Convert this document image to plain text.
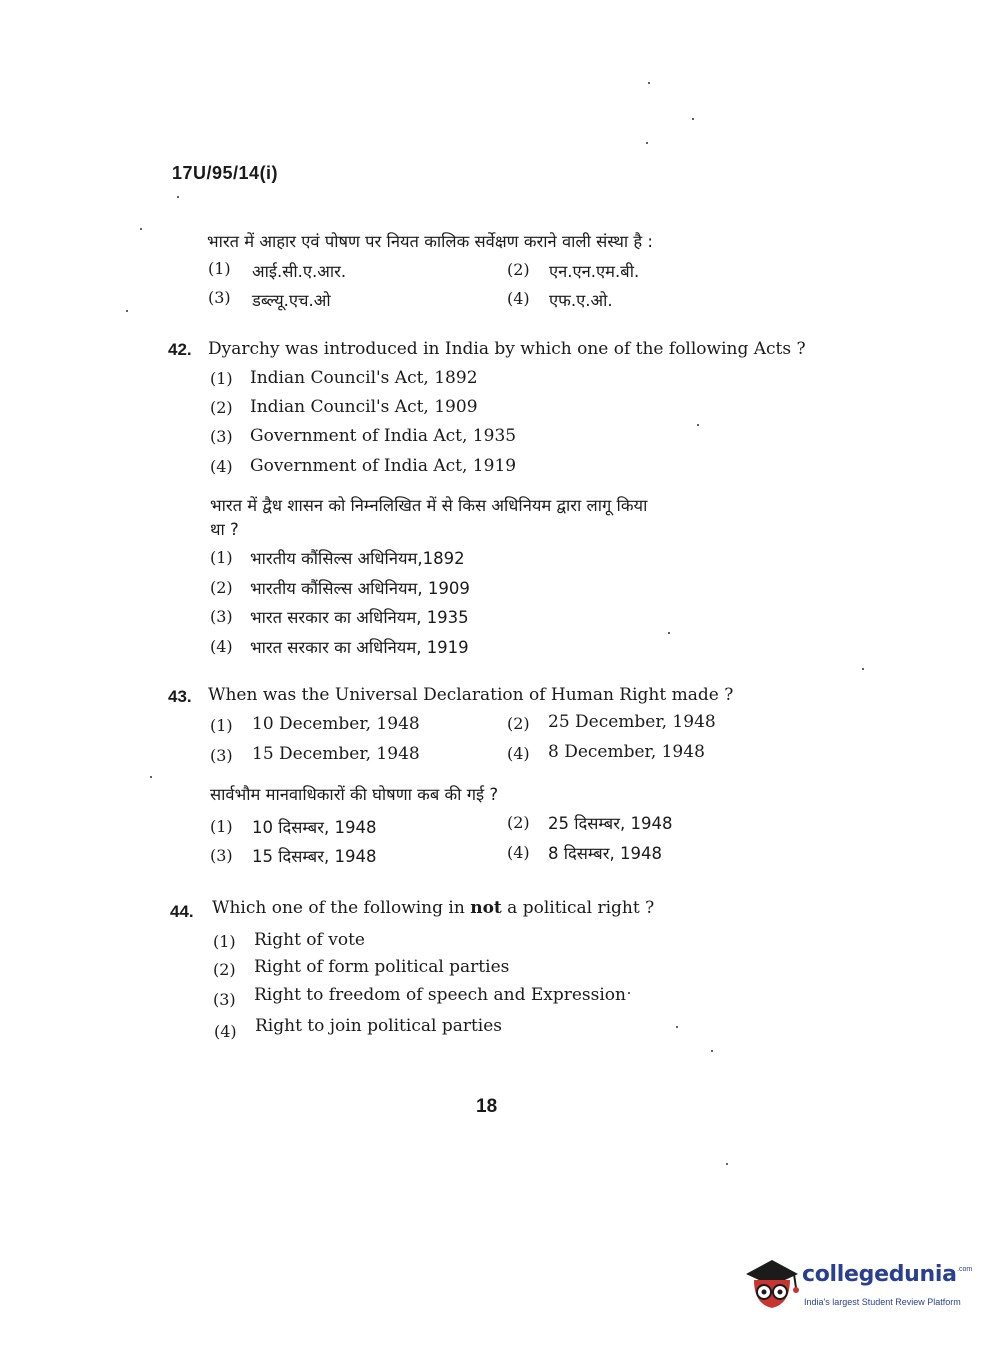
17U/95/14(i)
भारत में आहार एवं पोषण पर नियत कालिक सर्वेक्षण कराने वाली संस्था है :
(1) आई.सी.ए.आर.	(2) एन.एन.एम.बी.
(3) डब्ल्यू.एच.ओ	(4) एफ.ए.ओ.
42. Dyarchy was introduced in India by which one of the following Acts ?
(1) Indian Council's Act, 1892
(2) Indian Council's Act, 1909
(3) Government of India Act, 1935
(4) Government of India Act, 1919
भारत में द्वैध शासन को निम्नलिखित में से किस अधिनियम द्वारा लागू किया
था ?
(1) भारतीय कौंसिल्स अधिनियम,1892
(2) भारतीय कौंसिल्स अधिनियम, 1909
(3) भारत सरकार का अधिनियम, 1935
(4) भारत सरकार का अधिनियम, 1919
43. When was the Universal Declaration of Human Right made ?
(1) 10 December, 1948	(2) 25 December, 1948
(3) 15 December, 1948	(4) 8 December, 1948
सार्वभौम मानवाधिकारों की घोषणा कब की गई ?
(1) 10 दिसम्बर, 1948	(2) 25 दिसम्बर, 1948
(3) 15 दिसम्बर, 1948	(4) 8 दिसम्बर, 1948
44. Which one of the following in not a political right ?
(1) Right of vote
(2) Right of form political parties
(3) Right to freedom of speech and Expression
(4) Right to join political parties
18
collegedunia .com
India's largest Student Review Platform
